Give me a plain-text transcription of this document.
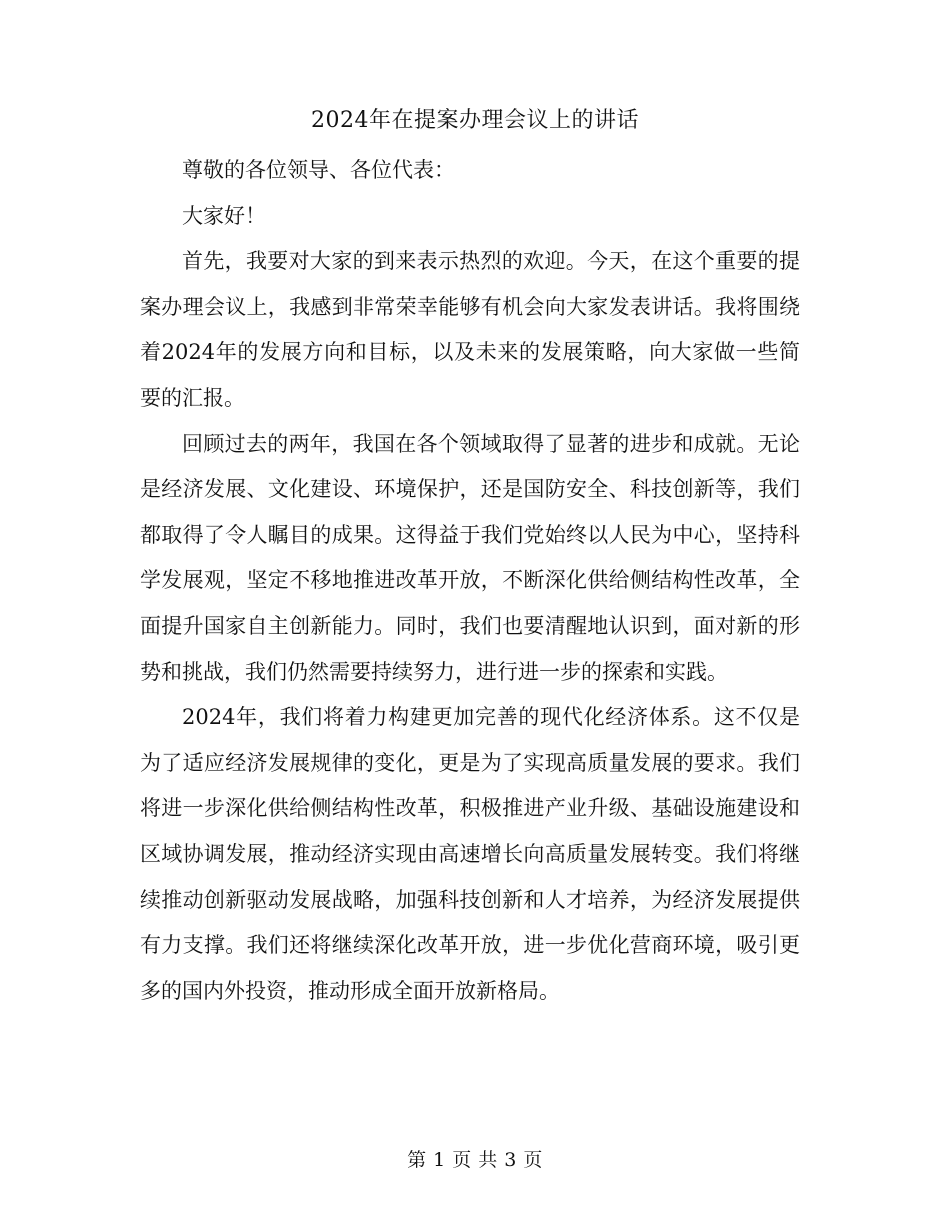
2024年在提案办理会议上的讲话

尊敬的各位领导、各位代表：

大家好！

首先，我要对大家的到来表示热烈的欢迎。今天，在这个重要的提案办理会议上，我感到非常荣幸能够有机会向大家发表讲话。我将围绕着2024年的发展方向和目标，以及未来的发展策略，向大家做一些简要的汇报。

回顾过去的两年，我国在各个领域取得了显著的进步和成就。无论是经济发展、文化建设、环境保护，还是国防安全、科技创新等，我们都取得了令人瞩目的成果。这得益于我们党始终以人民为中心，坚持科学发展观，坚定不移地推进改革开放，不断深化供给侧结构性改革，全面提升国家自主创新能力。同时，我们也要清醒地认识到，面对新的形势和挑战，我们仍然需要持续努力，进行进一步的探索和实践。

2024年，我们将着力构建更加完善的现代化经济体系。这不仅是为了适应经济发展规律的变化，更是为了实现高质量发展的要求。我们将进一步深化供给侧结构性改革，积极推进产业升级、基础设施建设和区域协调发展，推动经济实现由高速增长向高质量发展转变。我们将继续推动创新驱动发展战略，加强科技创新和人才培养，为经济发展提供有力支撑。我们还将继续深化改革开放，进一步优化营商环境，吸引更多的国内外投资，推动形成全面开放新格局。

第 1 页 共 3 页
